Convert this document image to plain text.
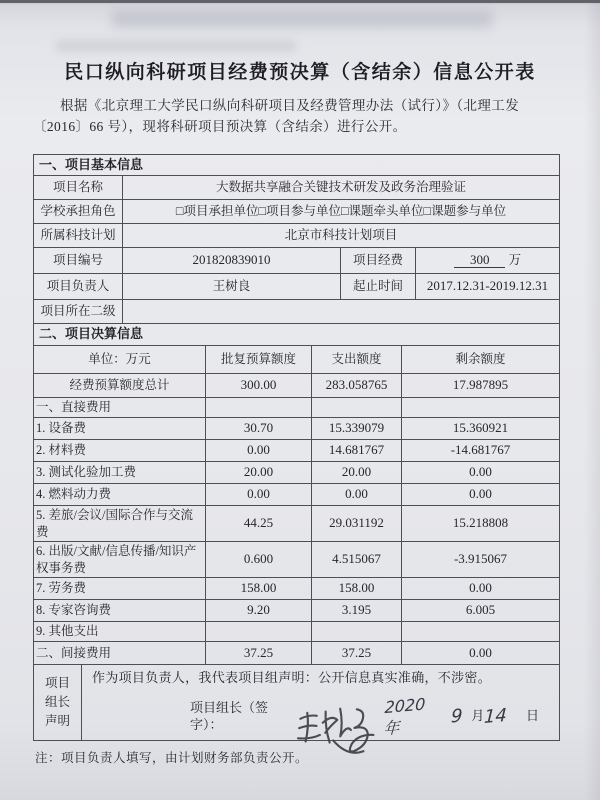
民口纵向科研项目经费预决算（含结余）信息公开表

根据《北京理工大学民口纵向科研项目及经费管理办法（试行）》（北理工发〔2016〕66 号），现将科研项目预决算（含结余）进行公开。

一、项目基本信息			
项目名称	大数据共享融合关键技术研发及政务治理验证		
学校承担角色	□项目承担单位□项目参与单位□课题牵头单位□课题参与单位		
所属科技计划	北京市科技计划项目		
项目编号	201820839010	项目经费	300 万
项目负责人	王树良	起止时间	2017.12.31-2019.12.31
项目所在二级			
二、项目决算信息			
单位：万元	批复预算额度	支出额度	剩余额度
经费预算额度总计	300.00	283.058765	17.987895
一、直接费用			
1. 设备费	30.70	15.339079	15.360921
2. 材料费	0.00	14.681767	-14.681767
3. 测试化验加工费	20.00	20.00	0.00
4. 燃料动力费	0.00	0.00	0.00
5. 差旅/会议/国际合作与交流费	44.25	29.031192	15.218808
6. 出版/文献/信息传播/知识产权事务费	0.600	4.515067	-3.915067
7. 劳务费	158.00	158.00	0.00
8. 专家咨询费	9.20	3.195	6.005
9. 其他支出			
二、间接费用	37.25	37.25	0.00
项目
组长
声明

作为项目负责人，我代表项目组声明：公开信息真实准确，不涉密。
项目组长（签字）：
2020年
9 月 14 日
注：项目负责人填写，由计划财务部负责公开。
